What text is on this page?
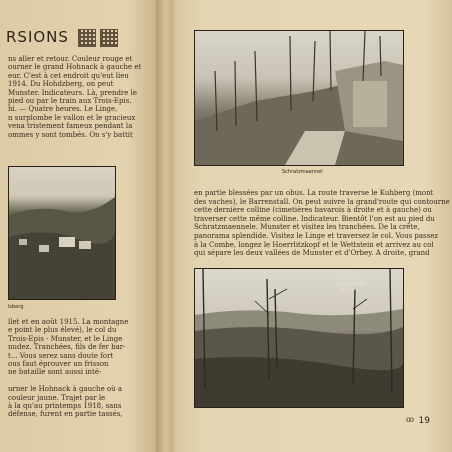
RSIONS
ns aller et retour. Couleur rouge et
ourner le grand Hohnack à gauche et
eur. C'est à cet endroit qu'eut lieu
1914. Du Hohdzberg, on peut
Munster. Indicateurs. Là, prendre le
pied ou par le train aux Trois-Epis.
hi. — Quatre heures. Le Linge,
n surplombe le vallon et le gracieux
vena tristement fameux pendant la
ommes y sont tombés. On s'y battit
lsberg
llet et en août 1915. La montagne
e point le plus élevé), le col du
Trois-Epis - Munster, et le Linge
nudez. Tranchées, fils de fer bar-
t... Vous serez sans doute fort
ous faut éprouver un frisson
ne bataille sont aussi inté-
urner le Hohnack à gauche où a
couleur jaune. Trajet par le
à la qu'au printemps 1918, sans
défense, furent en partie tassés,
Schratzmaennel
en partie blessées par un obus. La route traverse le Kuhberg (mont
des vaches), le Barrenstall. On peut suivre la grand'route qui contourne
cette dernière colline (cimetières bavarois à droite et à gauche) ou
traverser cette même colline. Indicateur. Bientôt l'on est au pied du
Schratzmaennele. Munster et visitez les tranchées. De la crête,
panorama splendide. Visitez le Linge et traversez le col. Vous passez
à la Combe, longez le Hoerrlitzkopf et le Wettstein et arrivez au col
qui sépare les deux vallées de Munster et d'Orbey. A droite, grand
Le Linge
(Linge-Kopf)
983 m
ꝏ 19
